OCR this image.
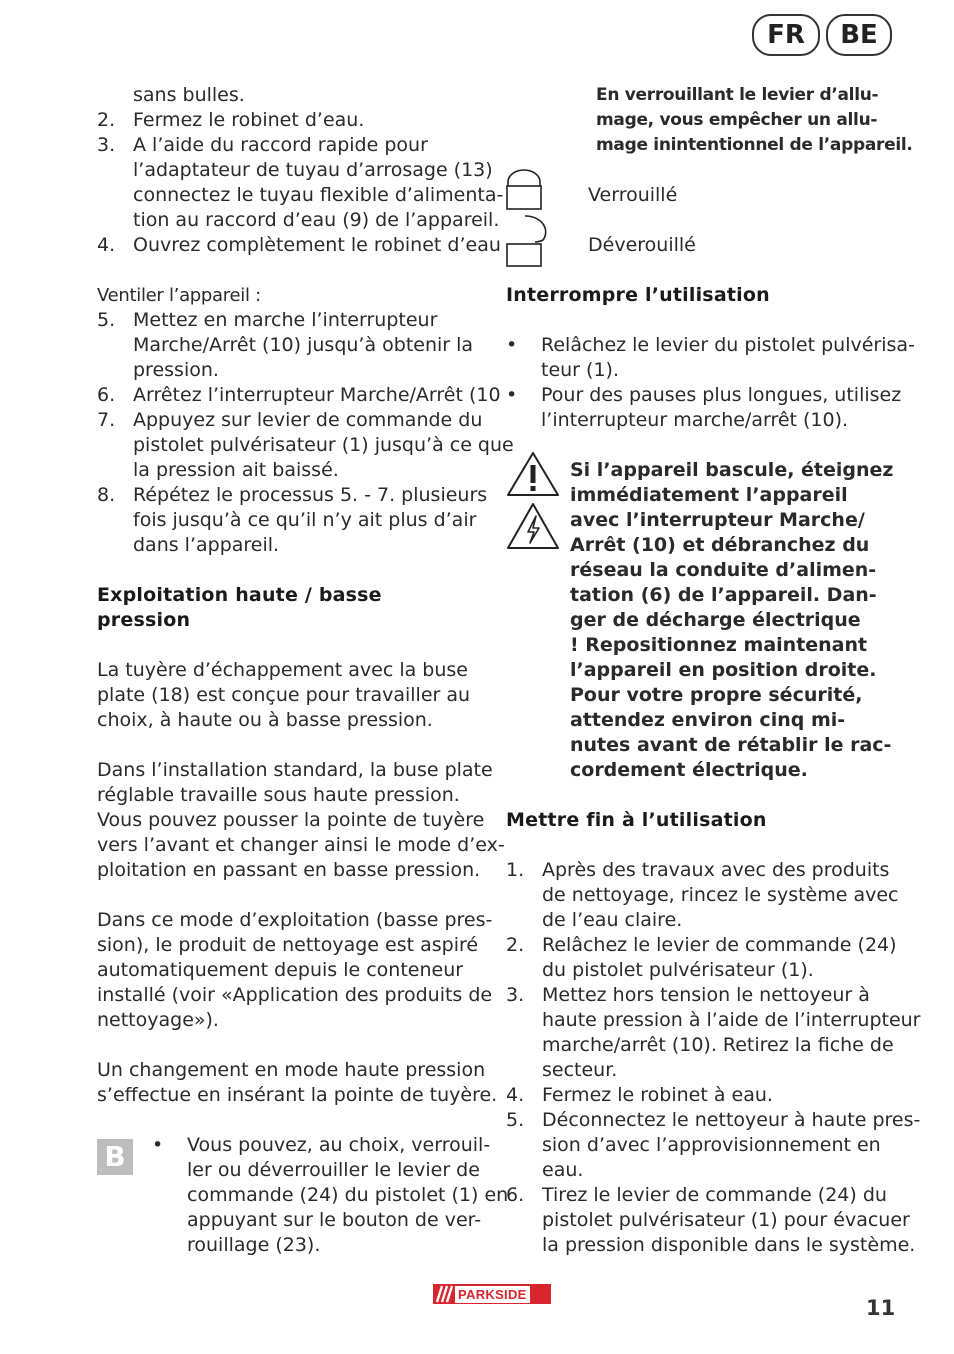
FR	BE
sans bulles.
2. Fermez le robinet d’eau.
3. A l’aide du raccord rapide pour
l’adaptateur de tuyau d’arrosage (13)
connectez le tuyau flexible d’alimenta-
tion au raccord d’eau (9) de l’appareil.
4. Ouvrez complètement le robinet d’eau
Ventiler l’appareil :
5. Mettez en marche l’interrupteur
Marche/Arrêt (10) jusqu’à obtenir la
pression.
6. Arrêtez l’interrupteur Marche/Arrêt (10
7. Appuyez sur levier de commande du
pistolet pulvérisateur (1) jusqu’à ce que
la pression ait baissé.
8. Répétez le processus 5. - 7. plusieurs
fois jusqu’à ce qu’il n’y ait plus d’air
dans l’appareil.
Exploitation haute / basse
pression
La tuyère d’échappement avec la buse
plate (18) est conçue pour travailler au
choix, à haute ou à basse pression.
Dans l’installation standard, la buse plate
réglable travaille sous haute pression.
Vous pouvez pousser la pointe de tuyère
vers l’avant et changer ainsi le mode d’ex-
ploitation en passant en basse pression.
Dans ce mode d’exploitation (basse pres-
sion), le produit de nettoyage est aspiré
automatiquement depuis le conteneur
installé (voir «Application des produits de
nettoyage»).
Un changement en mode haute pression
s’effectue en insérant la pointe de tuyère.
B	• Vous pouvez, au choix, verrouil-
ler ou déverrouiller le levier de
commande (24) du pistolet (1) en
appuyant sur le bouton de ver-
rouillage (23).
En verrouillant le levier d’allu-
mage, vous empêcher un allu-
mage inintentionnel de l’appareil.
Verrouillé
Déverouillé
Interrompre l’utilisation
• Relâchez le levier du pistolet pulvérisa-
teur (1).
• Pour des pauses plus longues, utilisez
l’interrupteur marche/arrêt (10).
Si l’appareil bascule, éteignez
immédiatement l’appareil
avec l’interrupteur Marche/
Arrêt (10) et débranchez du
réseau la conduite d’alimen-
tation (6) de l’appareil. Dan-
ger de décharge électrique
! Repositionnez maintenant
l’appareil en position droite.
Pour votre propre sécurité,
attendez environ cinq mi-
nutes avant de rétablir le rac-
cordement électrique.
Mettre fin à l’utilisation
1. Après des travaux avec des produits
de nettoyage, rincez le système avec
de l’eau claire.
2. Relâchez le levier de commande (24)
du pistolet pulvérisateur (1).
3. Mettez hors tension le nettoyeur à
haute pression à l’aide de l’interrupteur
marche/arrêt (10). Retirez la fiche de
secteur.
4. Fermez le robinet à eau.
5. Déconnectez le nettoyeur à haute pres-
sion d’avec l’approvisionnement en
eau.
6. Tirez le levier de commande (24) du
pistolet pulvérisateur (1) pour évacuer
la pression disponible dans le système.
PARKSIDE
11
